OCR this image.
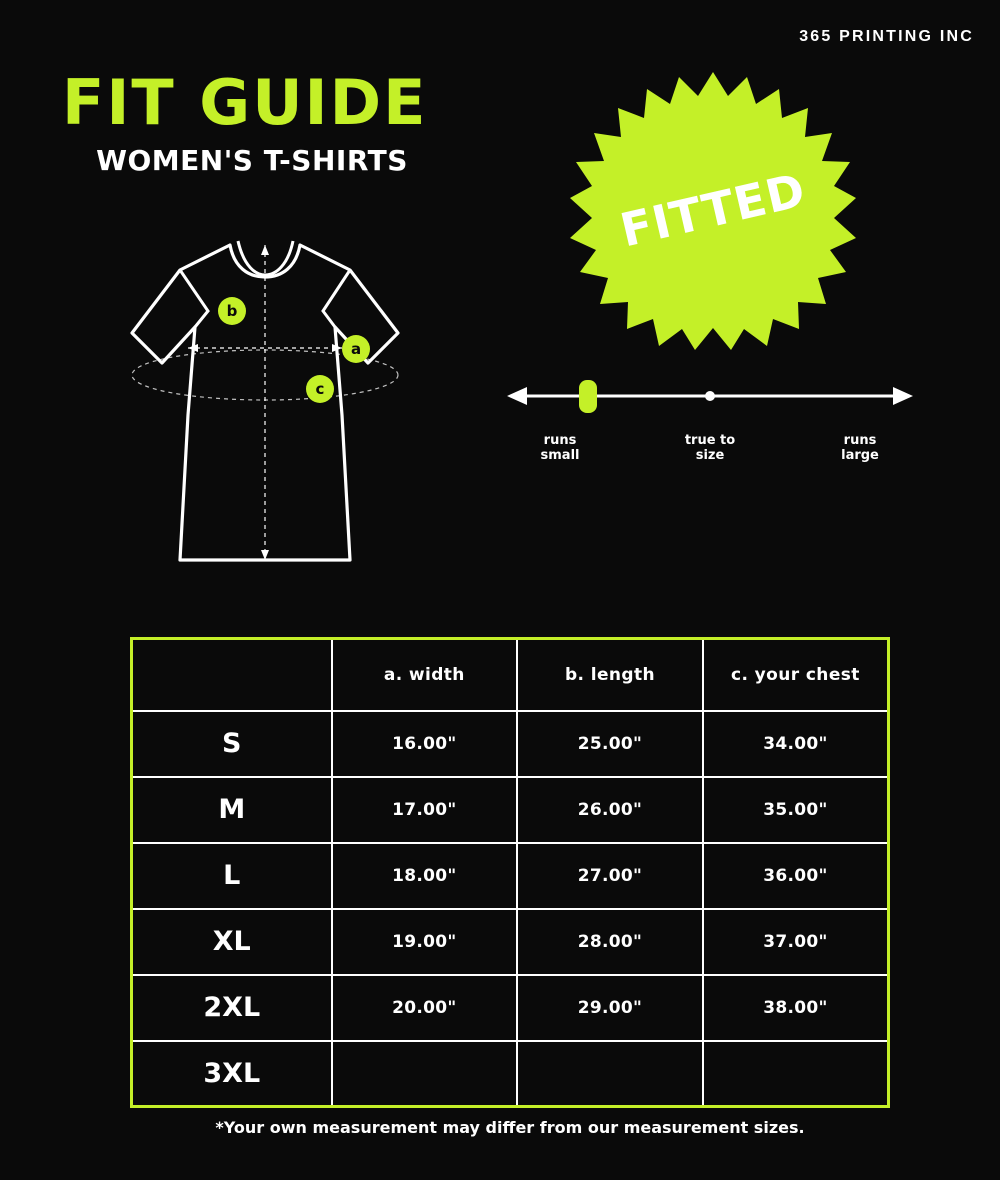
365 PRINTING INC
FIT GUIDE
WOMEN'S T-SHIRTS
b
a
c
FITTED
runs
small
true to
size
runs
large
	a. width	b. length	c. your chest
S	16.00"	25.00"	34.00"
M	17.00"	26.00"	35.00"
L	18.00"	27.00"	36.00"
XL	19.00"	28.00"	37.00"
2XL	20.00"	29.00"	38.00"
3XL			
*Your own measurement may differ from our measurement sizes.
